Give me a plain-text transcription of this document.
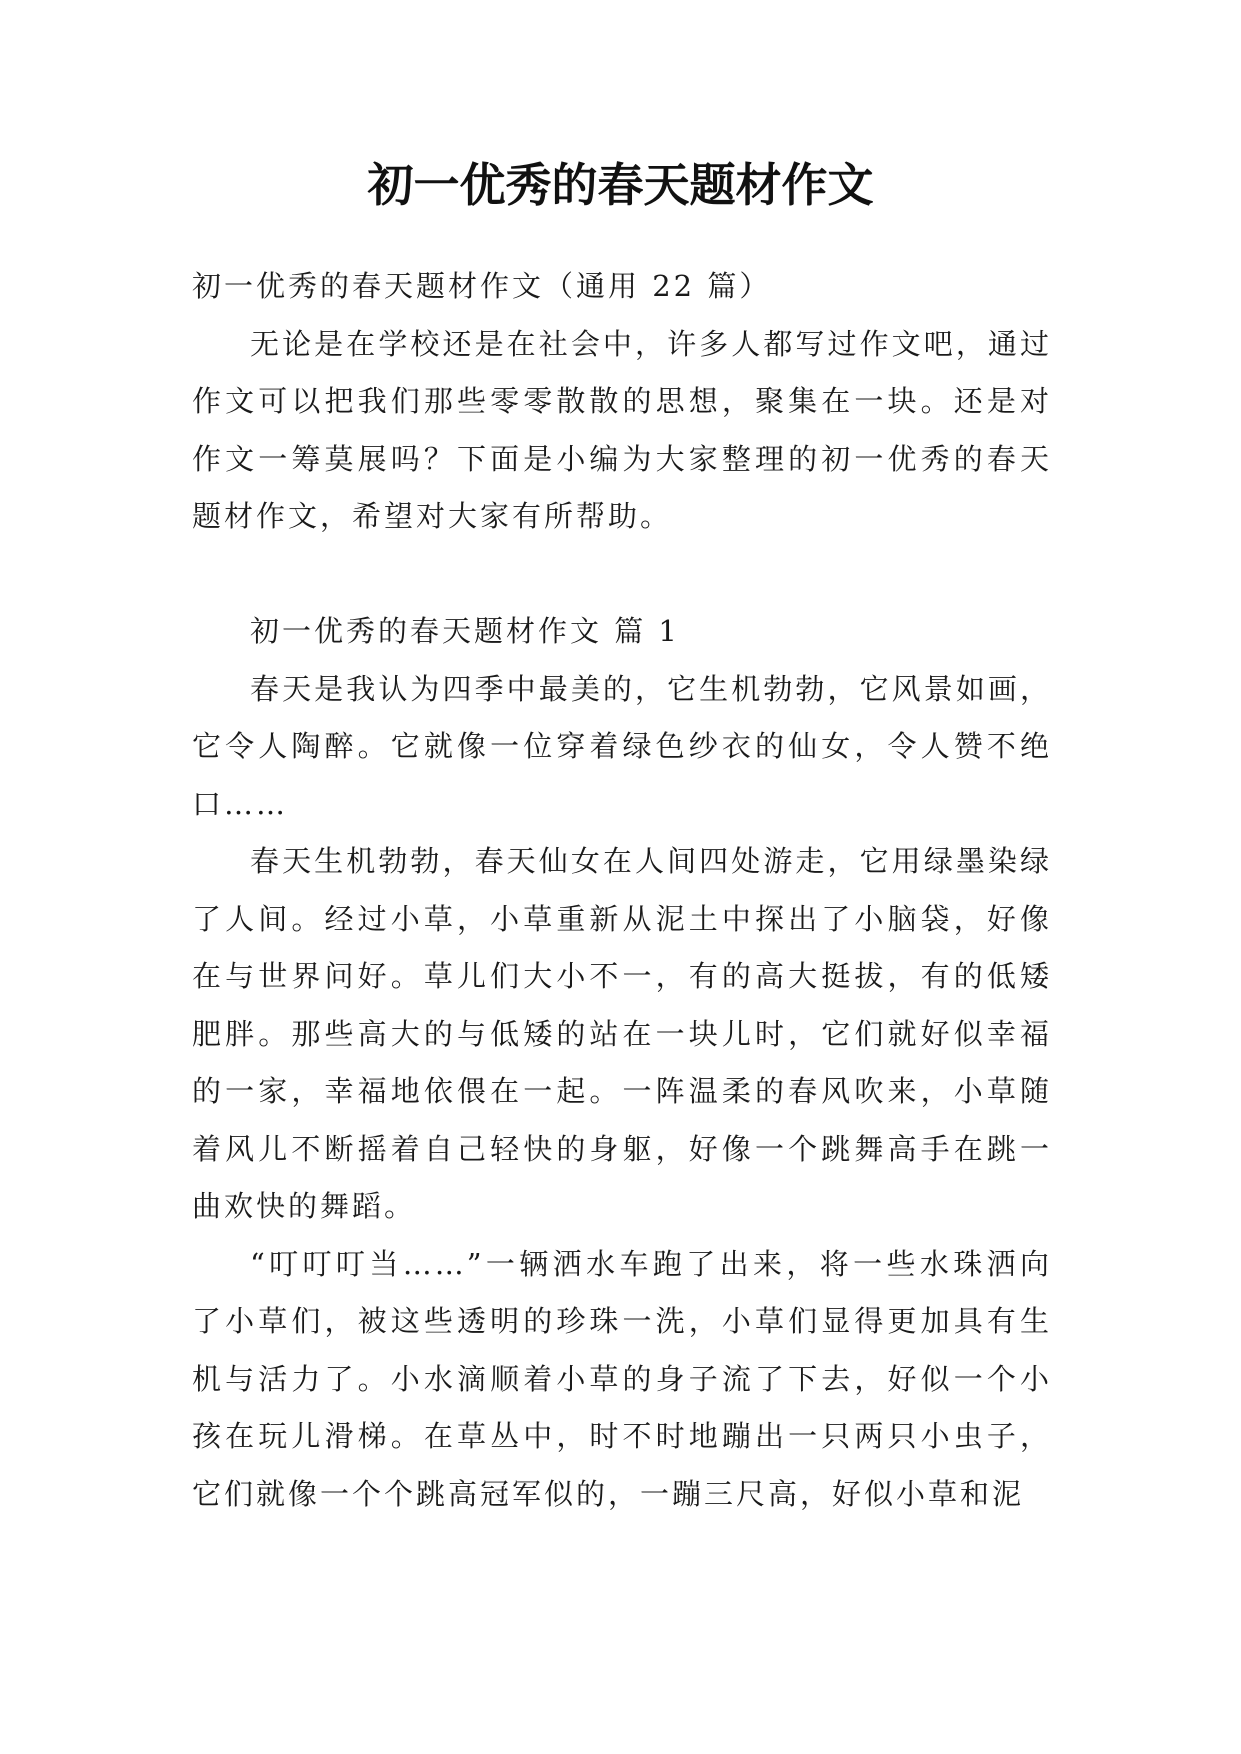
初一优秀的春天题材作文

初一优秀的春天题材作文（通用 22 篇）

无论是在学校还是在社会中，许多人都写过作文吧，通过作文可以把我们那些零零散散的思想，聚集在一块。还是对作文一筹莫展吗？下面是小编为大家整理的初一优秀的春天题材作文，希望对大家有所帮助。

初一优秀的春天题材作文 篇 1

春天是我认为四季中最美的，它生机勃勃，它风景如画，它令人陶醉。它就像一位穿着绿色纱衣的仙女，令人赞不绝口……

春天生机勃勃，春天仙女在人间四处游走，它用绿墨染绿了人间。经过小草，小草重新从泥土中探出了小脑袋，好像在与世界问好。草儿们大小不一，有的高大挺拔，有的低矮肥胖。那些高大的与低矮的站在一块儿时，它们就好似幸福的一家，幸福地依偎在一起。一阵温柔的春风吹来，小草随着风儿不断摇着自己轻快的身躯，好像一个跳舞高手在跳一曲欢快的舞蹈。

“叮叮叮当……”一辆洒水车跑了出来，将一些水珠洒向了小草们，被这些透明的珍珠一洗，小草们显得更加具有生机与活力了。小水滴顺着小草的身子流了下去，好似一个小孩在玩儿滑梯。在草丛中，时不时地蹦出一只两只小虫子，它们就像一个个跳高冠军似的，一蹦三尺高，好似小草和泥
